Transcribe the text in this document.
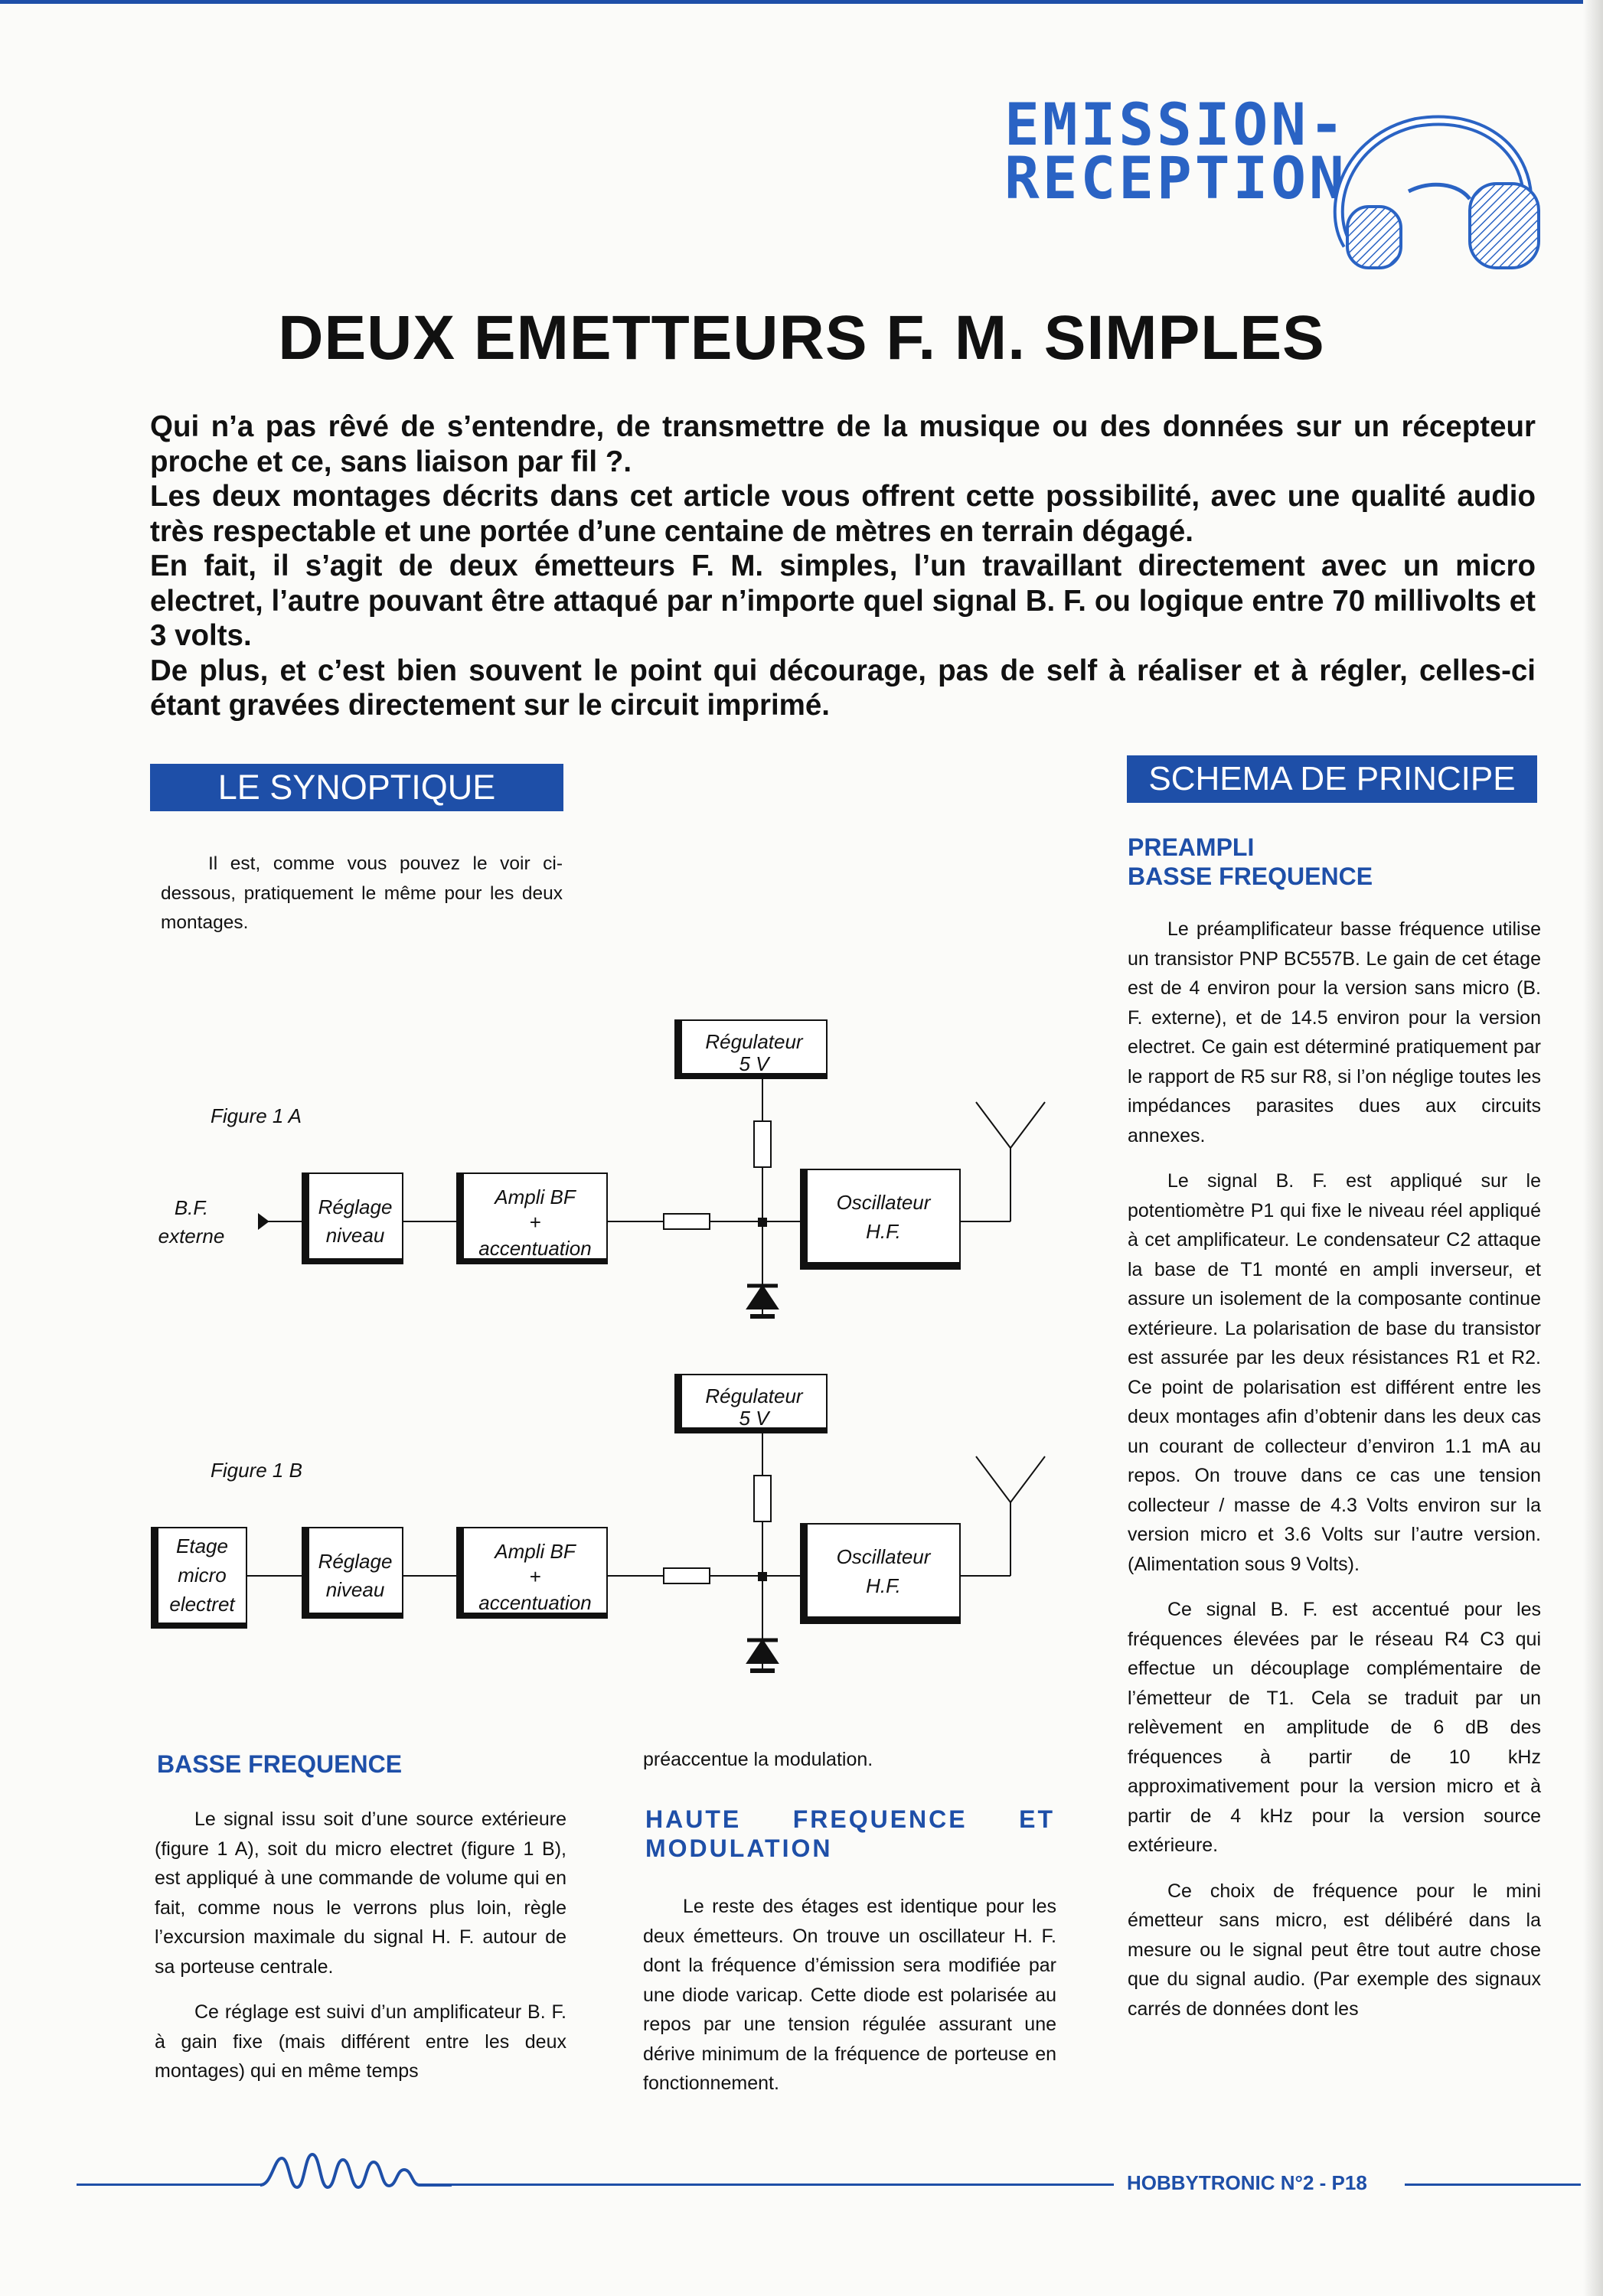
EMISSION-
RECEPTION
DEUX EMETTEURS F. M. SIMPLES

Qui n’a pas rêvé de s’entendre, de transmettre de la musique ou des données sur un récepteur proche et ce, sans liaison par fil ?.

Les deux montages décrits dans cet article vous offrent cette possibilité, avec une qualité audio très respectable et une portée d’une centaine de mètres en terrain dégagé.

En fait, il s’agit de deux émetteurs F. M. simples, l’un travaillant directement avec un micro electret, l’autre pouvant être attaqué par n’importe quel signal B. F. ou logique entre 70 millivolts et 3 volts.

De plus, et c’est bien souvent le point qui décourage, pas de self à réaliser et à régler, celles-ci étant gravées directement sur le circuit imprimé.

LE SYNOPTIQUE	SCHEMA DE PRINCIPE

Il est, comme vous pouvez le voir ci-dessous, pratiquement le même pour les deux montages.

Figure 1 A
Régulateur
5 V
B.F.
externe
Réglage
niveau
Ampli BF
+
accentuation
Oscillateur
H.F.
Figure 1 B
Régulateur
5 V
Etage
micro
electret
Réglage
niveau
Ampli BF
+
accentuation
Oscillateur
H.F.
BASSE FREQUENCE

Le signal issu soit d’une source extérieure (figure 1 A), soit du micro electret (figure 1 B), est appliqué à une commande de volume qui en fait, comme nous le verrons plus loin, règle l’excursion maximale du signal H. F. autour de sa porteuse centrale.

Ce réglage est suivi d’un amplificateur B. F. à gain fixe (mais différent entre les deux montages) qui en même temps

préaccentue la modulation.

HAUTE FREQUENCE ET MODULATION

Le reste des étages est identique pour les deux émetteurs. On trouve un oscillateur H. F. dont la fréquence d’émission sera modifiée par une diode varicap. Cette diode est polarisée au repos par une tension régulée assurant une dérive minimum de la fréquence de porteuse en fonctionnement.

PREAMPLI
BASSE FREQUENCE

Le préamplificateur basse fréquence utilise un transistor PNP BC557B. Le gain de cet étage est de 4 environ pour la version sans micro (B. F. externe), et de 14.5 environ pour la version electret. Ce gain est déterminé pratiquement par le rapport de R5 sur R8, si l’on néglige toutes les impédances parasites dues aux circuits annexes.

Le signal B. F. est appliqué sur le potentiomètre P1 qui fixe le niveau réel appliqué à cet amplificateur. Le condensateur C2 attaque la base de T1 monté en ampli inverseur, et assure un isolement de la composante continue extérieure. La polarisation de base du transistor est assurée par les deux résistances R1 et R2. Ce point de polarisation est différent entre les deux montages afin d’obtenir dans les deux cas un courant de collecteur d’environ 1.1 mA au repos. On trouve dans ce cas une tension collecteur / masse de 4.3 Volts environ sur la version micro et 3.6 Volts sur l’autre version. (Alimentation sous 9 Volts).

Ce signal B. F. est accentué pour les fréquences élevées par le réseau R4 C3 qui effectue un découplage complémentaire de l’émetteur de T1. Cela se traduit par un relèvement en amplitude de 6 dB des fréquences à partir de 10 kHz approximativement pour la version micro et à partir de 4 kHz pour la version source extérieure.

Ce choix de fréquence pour le mini émetteur sans micro, est délibéré dans la mesure ou le signal peut être tout autre chose que du signal audio. (Par exemple des signaux carrés de données dont les

HOBBYTRONIC N°2 - P18
